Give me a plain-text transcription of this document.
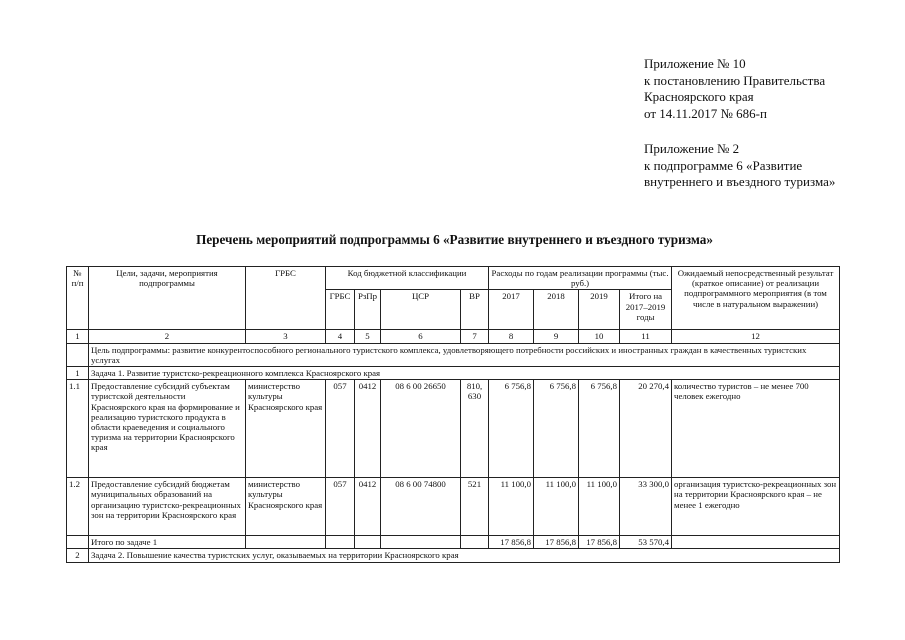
Приложение № 10
к постановлению Правительства
Красноярского края
от 14.11.2017 № 686-п
Приложение № 2
к подпрограмме 6 «Развитие
внутреннего и въездного туризма»
Перечень мероприятий подпрограммы 6 «Развитие внутреннего и въездного туризма»
№ п/п	Цели, задачи, мероприятия подпрограммы	ГРБС	Код бюджетной классификации				Расходы по годам реализации программы (тыс. руб.)				Ожидаемый непосредственный результат (краткое описание) от реализации подпрограммного мероприятия (в том числе в натуральном выражении)
			ГРБС	РзПр	ЦСР	ВР	2017	2018	2019	Итого на 2017–2019 годы	
1	2	3	4	5	6	7	8	9	10	11	12
	Цель подпрограммы: развитие конкурентоспособного регионального туристского комплекса, удовлетворяющего потребности российских и иностранных граждан в качественных туристских услугах										
1	Задача 1. Развитие туристско-рекреационного комплекса Красноярского края										
1.1	Предоставление субсидий субъектам туристской деятельности Красноярского края на формирование и реализацию туристского продукта в области краеведения и социального туризма на территории Красноярского края	министерство культуры Красноярского края	057	0412	08 6 00 26650	810, 630	6 756,8	6 756,8	6 756,8	20 270,4	количество туристов – не менее 700 человек ежегодно
1.2	Предоставление субсидий бюджетам муниципальных образований на организацию туристско-рекреационных зон на территории Красноярского края	министерство культуры Красноярского края	057	0412	08 6 00 74800	521	11 100,0	11 100,0	11 100,0	33 300,0	организация туристско-рекреационных зон на территории Красноярского края – не менее 1 ежегодно
	Итого по задаче 1						17 856,8	17 856,8	17 856,8	53 570,4	
2	Задача 2. Повышение качества туристских услуг, оказываемых на территории Красноярского края										
